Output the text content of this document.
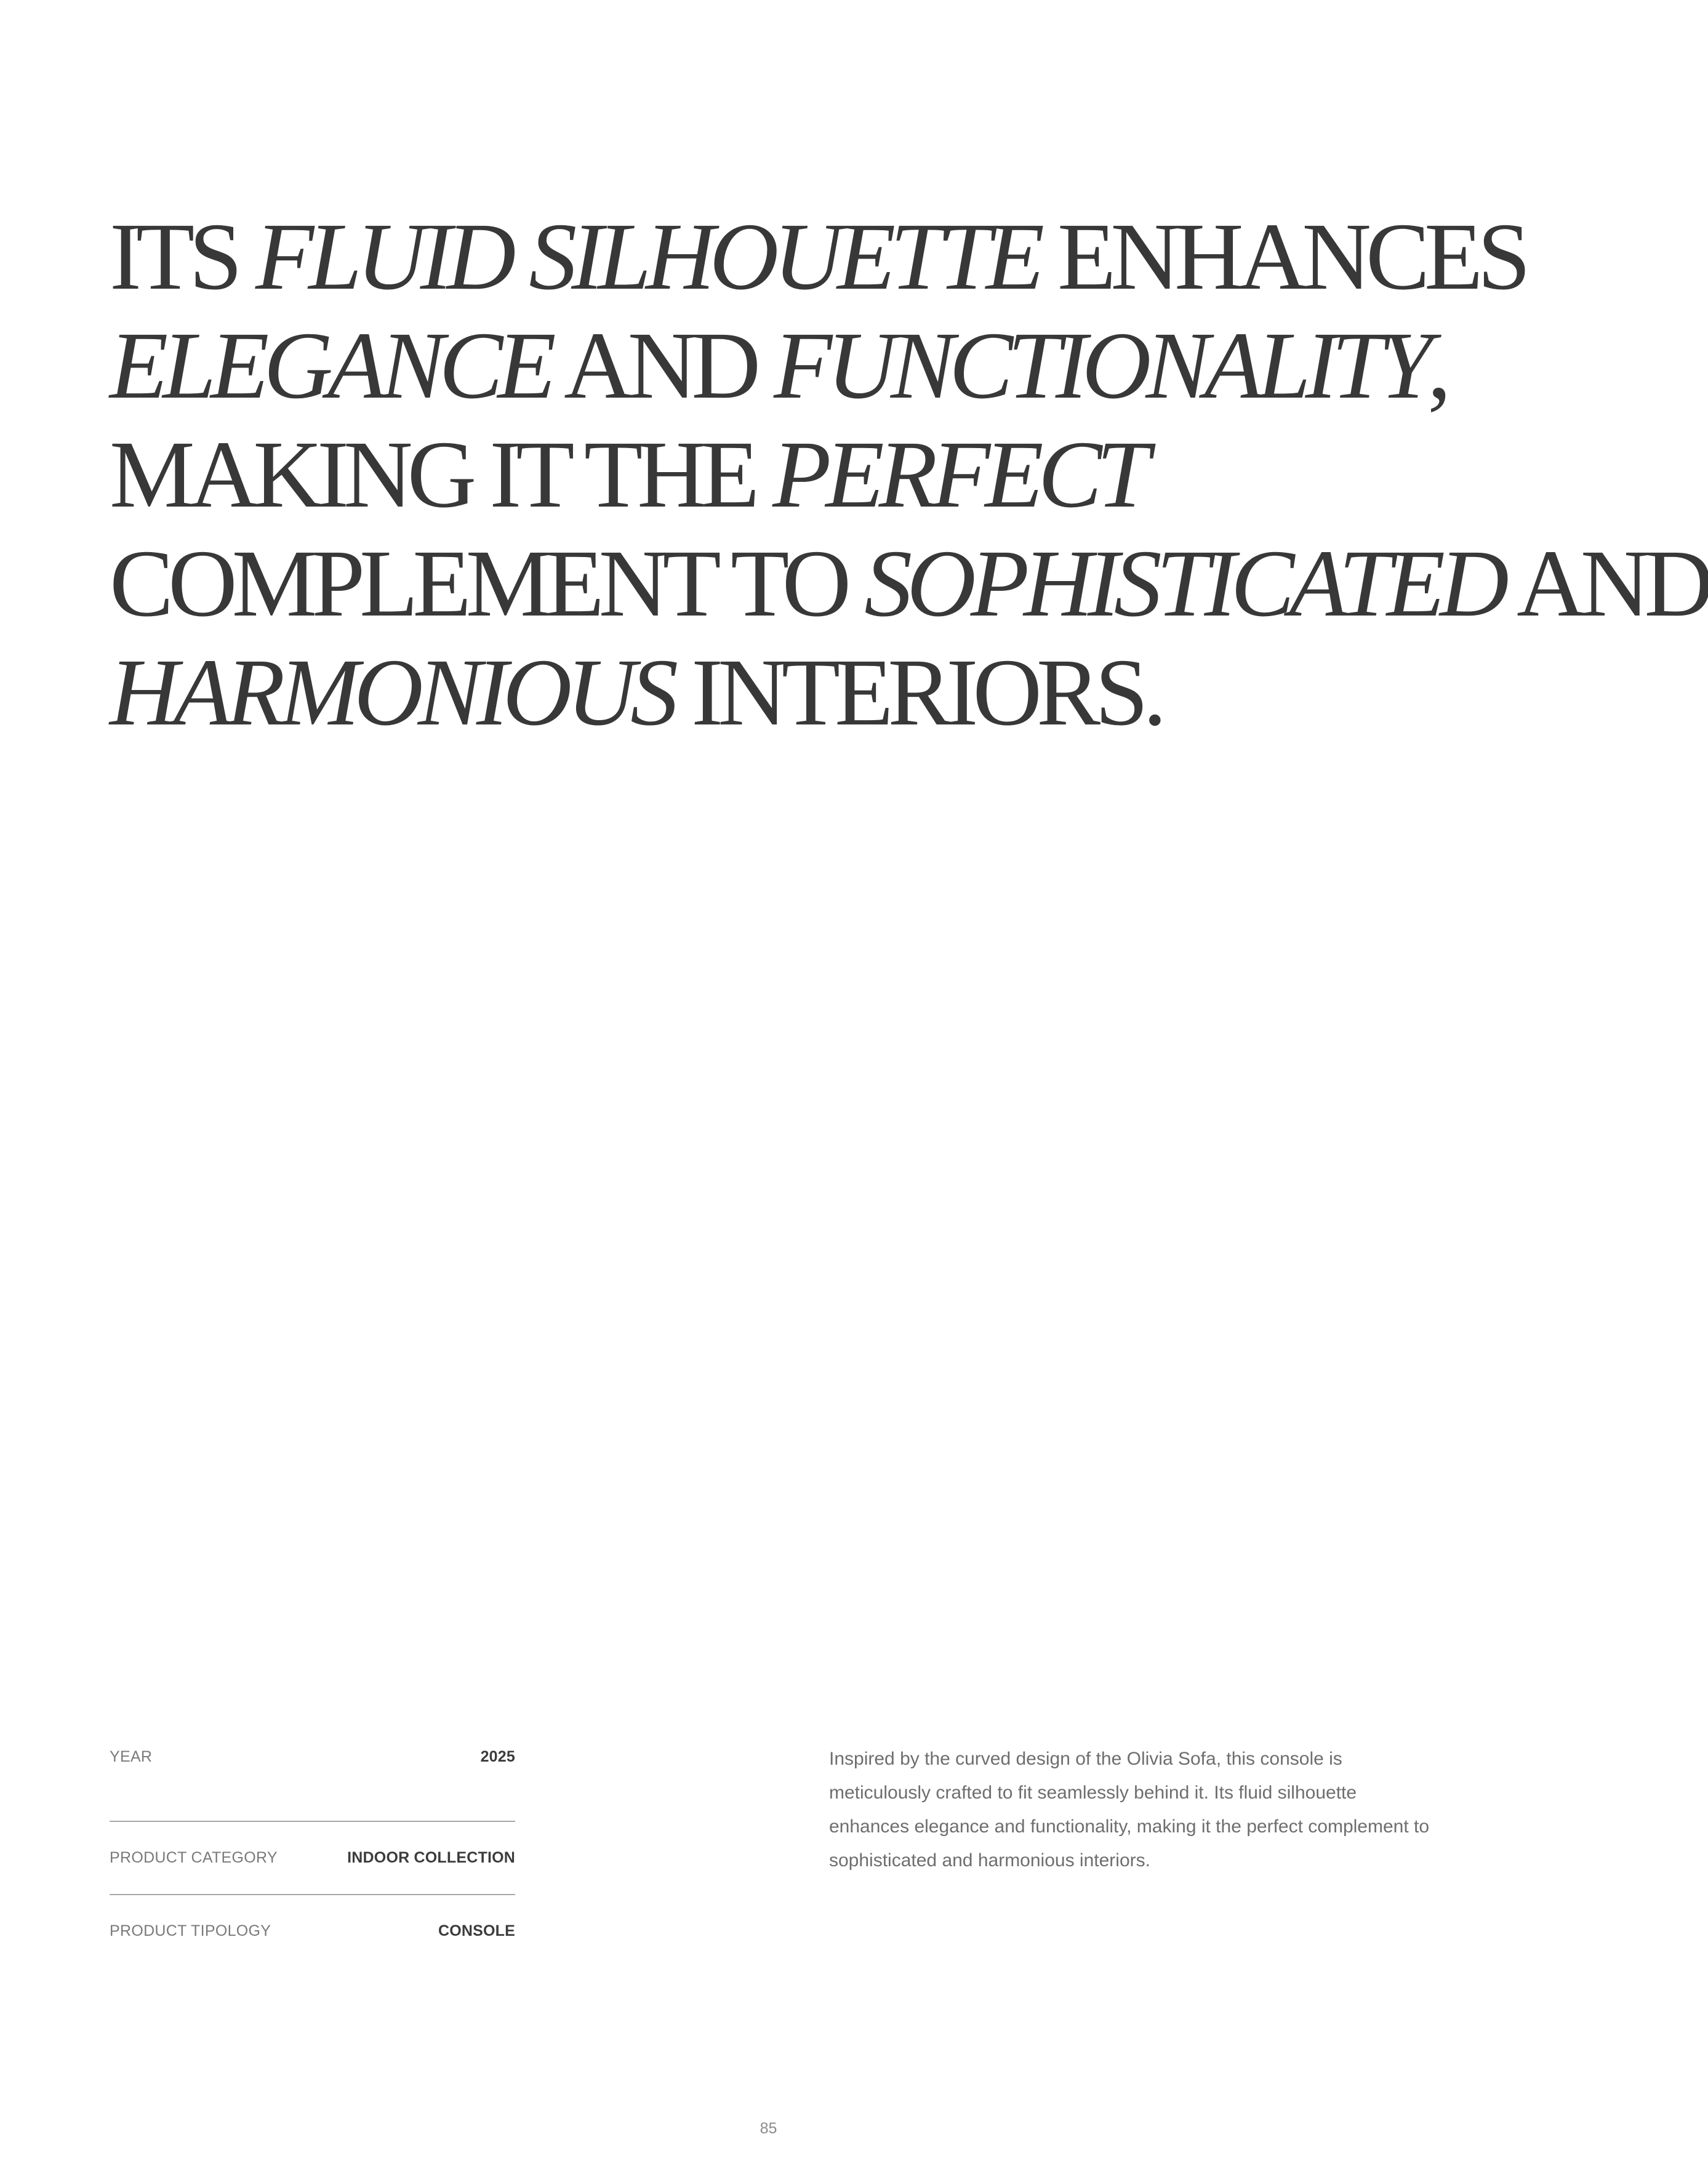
ITS FLUID SILHOUETTE ENHANCES
ELEGANCE AND FUNCTIONALITY,
MAKING IT THE PERFECT
COMPLEMENT TO SOPHISTICATED AND
HARMONIOUS INTERIORS.
YEAR	2025
PRODUCT CATEGORY	INDOOR COLLECTION
PRODUCT TIPOLOGY	CONSOLE

Inspired by the curved design of the Olivia Sofa, this console is meticulously crafted to fit seamlessly behind it. Its fluid silhouette enhances elegance and functionality, making it the perfect complement to sophisticated and harmonious interiors.

85
